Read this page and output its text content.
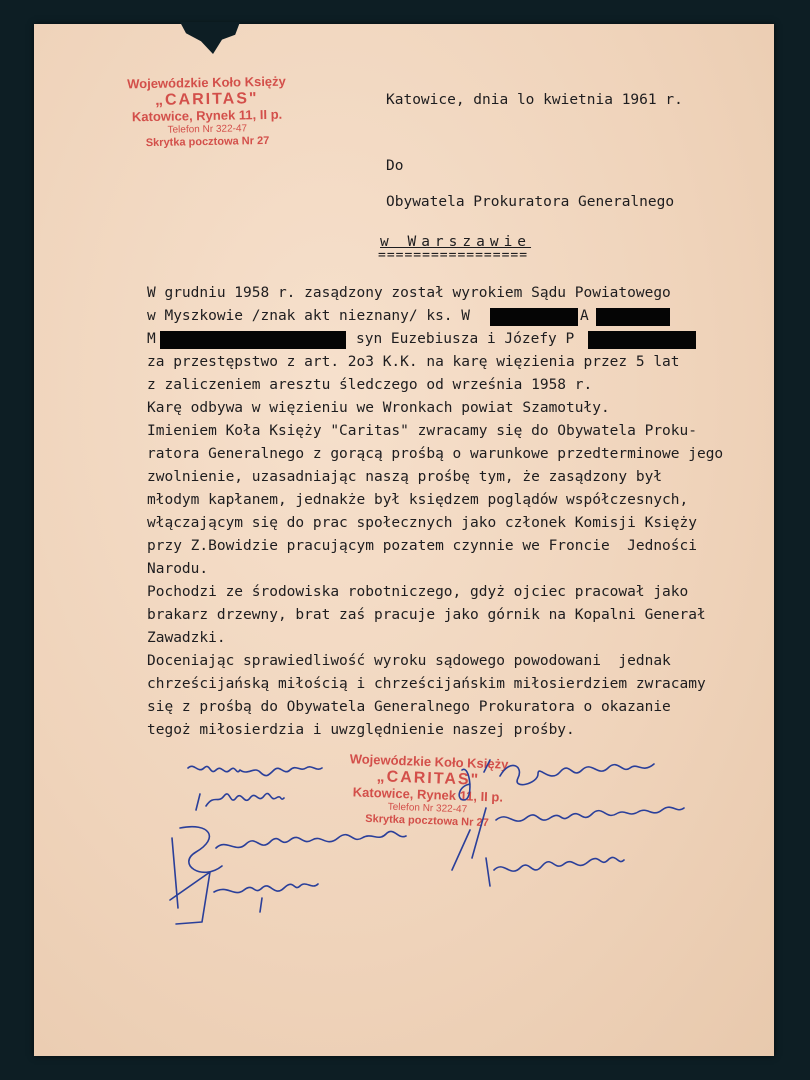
Wojewódzkie Koło Księży
„CARITAS"
Katowice, Rynek 11, II p.
Telefon Nr 322-47
Skrytka pocztowa Nr 27
Katowice, dnia lo kwietnia 1961 r.
Do
Obywatela Prokuratora Generalnego
w Warszawie
=================
W grudniu 1958 r. zasądzony został wyrokiem Sądu Powiatowego
w Myszkowie /znak akt nieznany/ ks. W
M
za przestępstwo z art. 2o3 K.K. na karę więzienia przez 5 lat
z zaliczeniem aresztu śledczego od września 1958 r.
Karę odbywa w więzieniu we Wronkach powiat Szamotuły.
Imieniem Koła Księży "Caritas" zwracamy się do Obywatela Proku-
ratora Generalnego z gorącą prośbą o warunkowe przedterminowe jego
zwolnienie, uzasadniając naszą prośbę tym, że zasądzony był
młodym kapłanem, jednakże był księdzem poglądów współczesnych,
włączającym się do prac społecznych jako członek Komisji Księży
przy Z.Bowidzie pracującym pozatem czynnie we Froncie  Jedności
Narodu.
Pochodzi ze środowiska robotniczego, gdyż ojciec pracował jako
brakarz drzewny, brat zaś pracuje jako górnik na Kopalni Generał
Zawadzki.
Doceniając sprawiedliwość wyroku sądowego powodowani  jednak
chrześcijańską miłością i chrześcijańskim miłosierdziem zwracamy
się z prośbą do Obywatela Generalnego Prokuratora o okazanie
tegoż miłosierdzia i uwzględnienie naszej prośby.
A
syn Euzebiusza i Józefy P
Wojewódzkie Koło Księży
„CARITAS"
Katowice, Rynek 11, II p.
Telefon Nr 322-47
Skrytka pocztowa Nr 27
